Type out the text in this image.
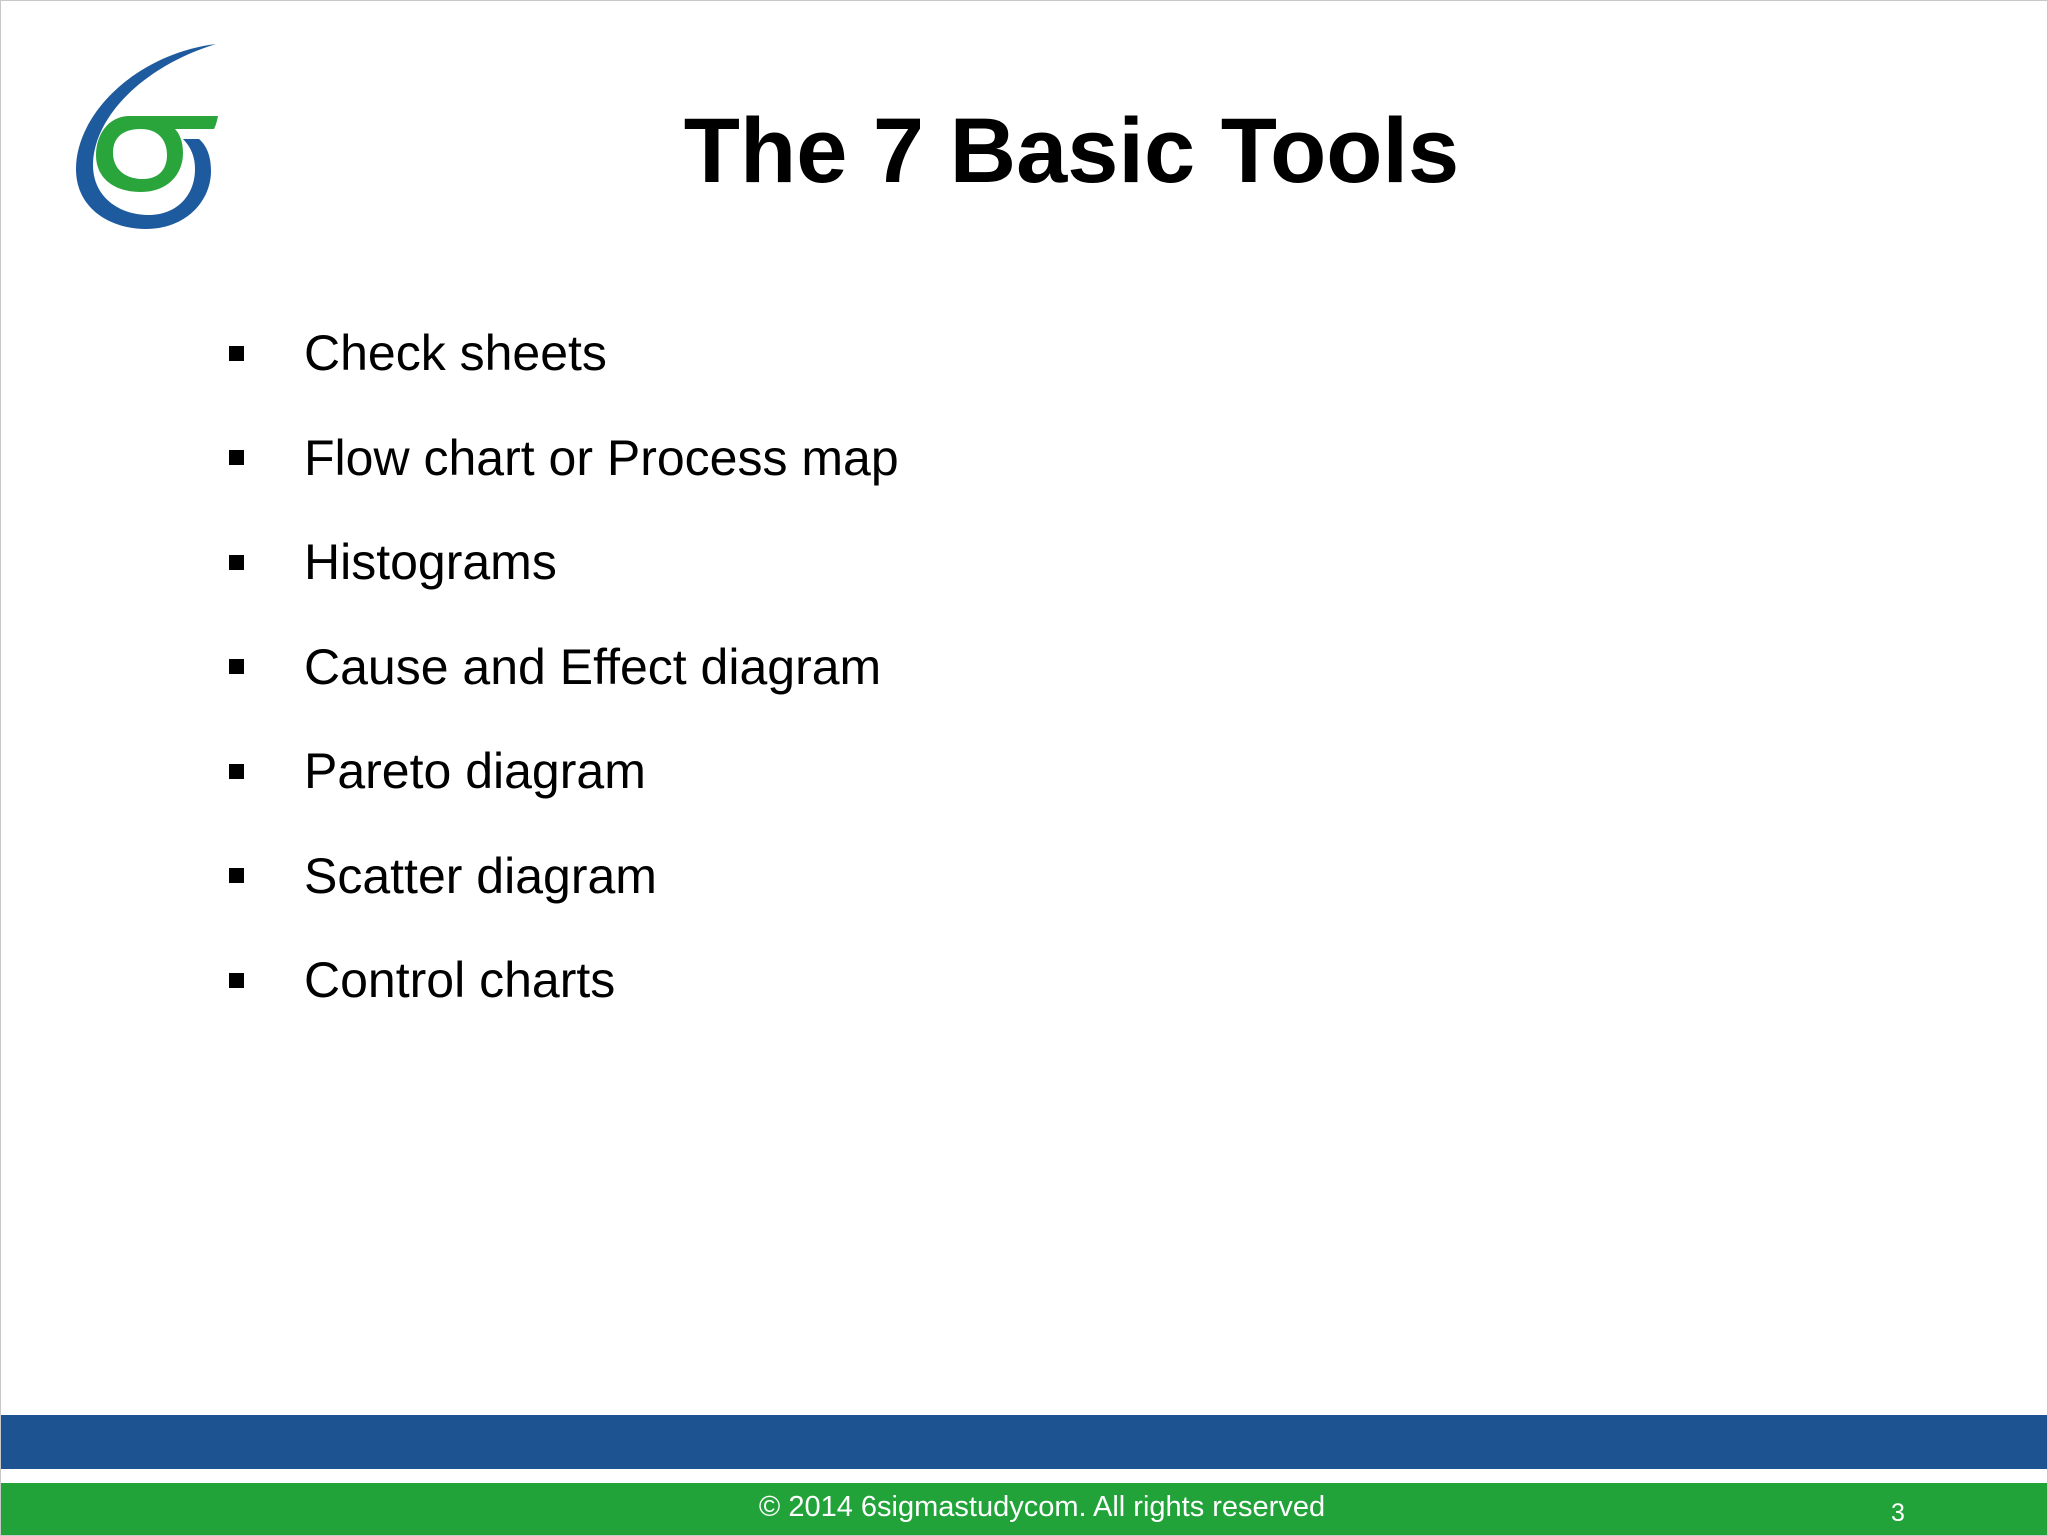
The 7 Basic Tools
Check sheets
Flow chart or Process map
Histograms
Cause and Effect diagram
Pareto diagram
Scatter diagram
Control charts
© 2014 6sigmastudycom. All rights reserved	3
